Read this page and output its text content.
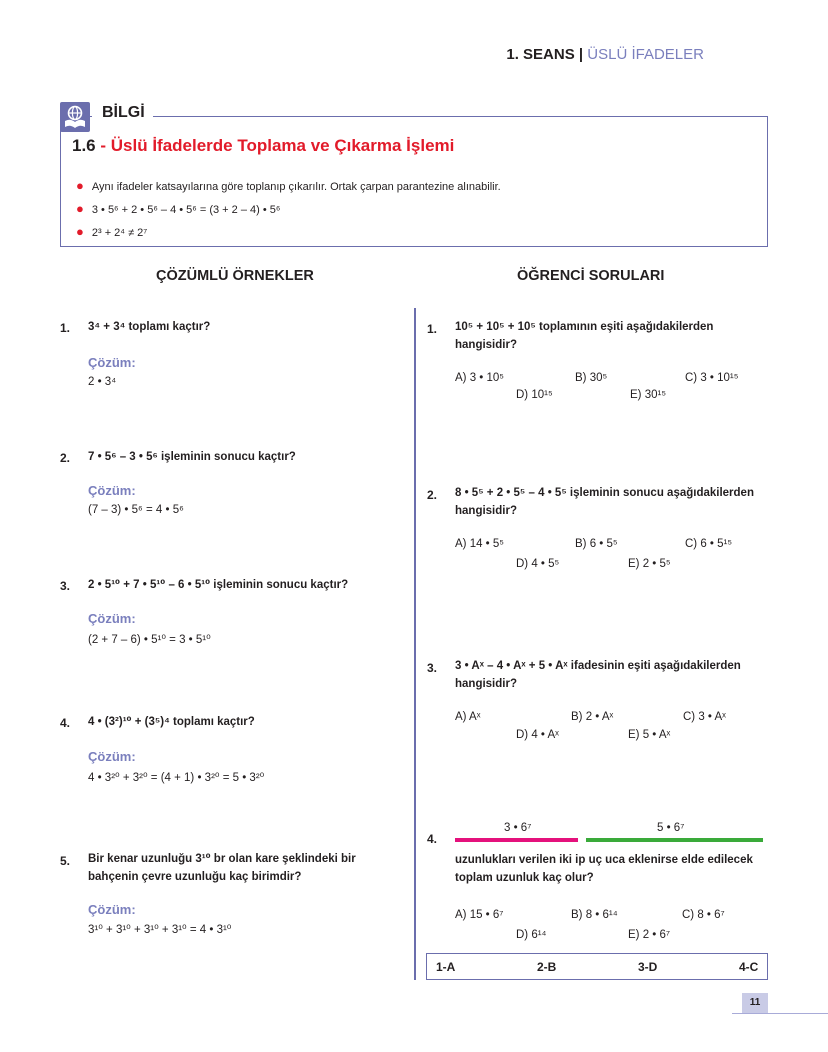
1. SEANS | ÜSLÜ İFADELER
BİLGİ
1.6 - Üslü İfadelerde Toplama ve Çıkarma İşlemi
● Aynı ifadeler katsayılarına göre toplanıp çıkarılır. Ortak çarpan parantezine alınabilir.
● 3 • 5⁶ + 2 • 5⁶ – 4 • 5⁶ = (3 + 2 – 4) • 5⁶
● 2³ + 2⁴ ≠ 2⁷
ÇÖZÜMLÜ ÖRNEKLER	ÖĞRENCİ SORULARI
1. 3⁴ + 3⁴ toplamı kaçtır?
Çözüm:
2 • 3⁴
2. 7 • 5⁶ – 3 • 5⁶ işleminin sonucu kaçtır?
Çözüm:
(7 – 3) • 5⁶ = 4 • 5⁶
3. 2 • 5¹⁰ + 7 • 5¹⁰ – 6 • 5¹⁰ işleminin sonucu kaçtır?
Çözüm:
(2 + 7 – 6) • 5¹⁰ = 3 • 5¹⁰
4. 4 • (3²)¹⁰ + (3⁵)⁴ toplamı kaçtır?
Çözüm:
4 • 3²⁰ + 3²⁰ = (4 + 1) • 3²⁰ = 5 • 3²⁰
5. Bir kenar uzunluğu 3¹⁰ br olan kare şeklindeki bir bahçenin çevre uzunluğu kaç birimdir?
Çözüm:
3¹⁰ + 3¹⁰ + 3¹⁰ + 3¹⁰ = 4 • 3¹⁰
1. 10⁵ + 10⁵ + 10⁵ toplamının eşiti aşağıdakilerden hangisidir?
A) 3 • 10⁵	B) 30⁵	C) 3 • 10¹⁵
D) 10¹⁵	E) 30¹⁵
2. 8 • 5⁵ + 2 • 5⁵ – 4 • 5⁵ işleminin sonucu aşağıdakilerden hangisidir?
A) 14 • 5⁵	B) 6 • 5⁵	C) 6 • 5¹⁵
D) 4 • 5⁵	E) 2 • 5⁵
3. 3 • Aˣ – 4 • Aˣ + 5 • Aˣ ifadesinin eşiti aşağıdakilerden hangisidir?
A) Aˣ	B) 2 • Aˣ	C) 3 • Aˣ
D) 4 • Aˣ	E) 5 • Aˣ
4.
3 • 6⁷	5 • 6⁷
uzunlukları verilen iki ip uç uca eklenirse elde edilecek toplam uzunluk kaç olur?
A) 15 • 6⁷	B) 8 • 6¹⁴	C) 8 • 6⁷
D) 6¹⁴	E) 2 • 6⁷
1-A	2-B	3-D	4-C
11
